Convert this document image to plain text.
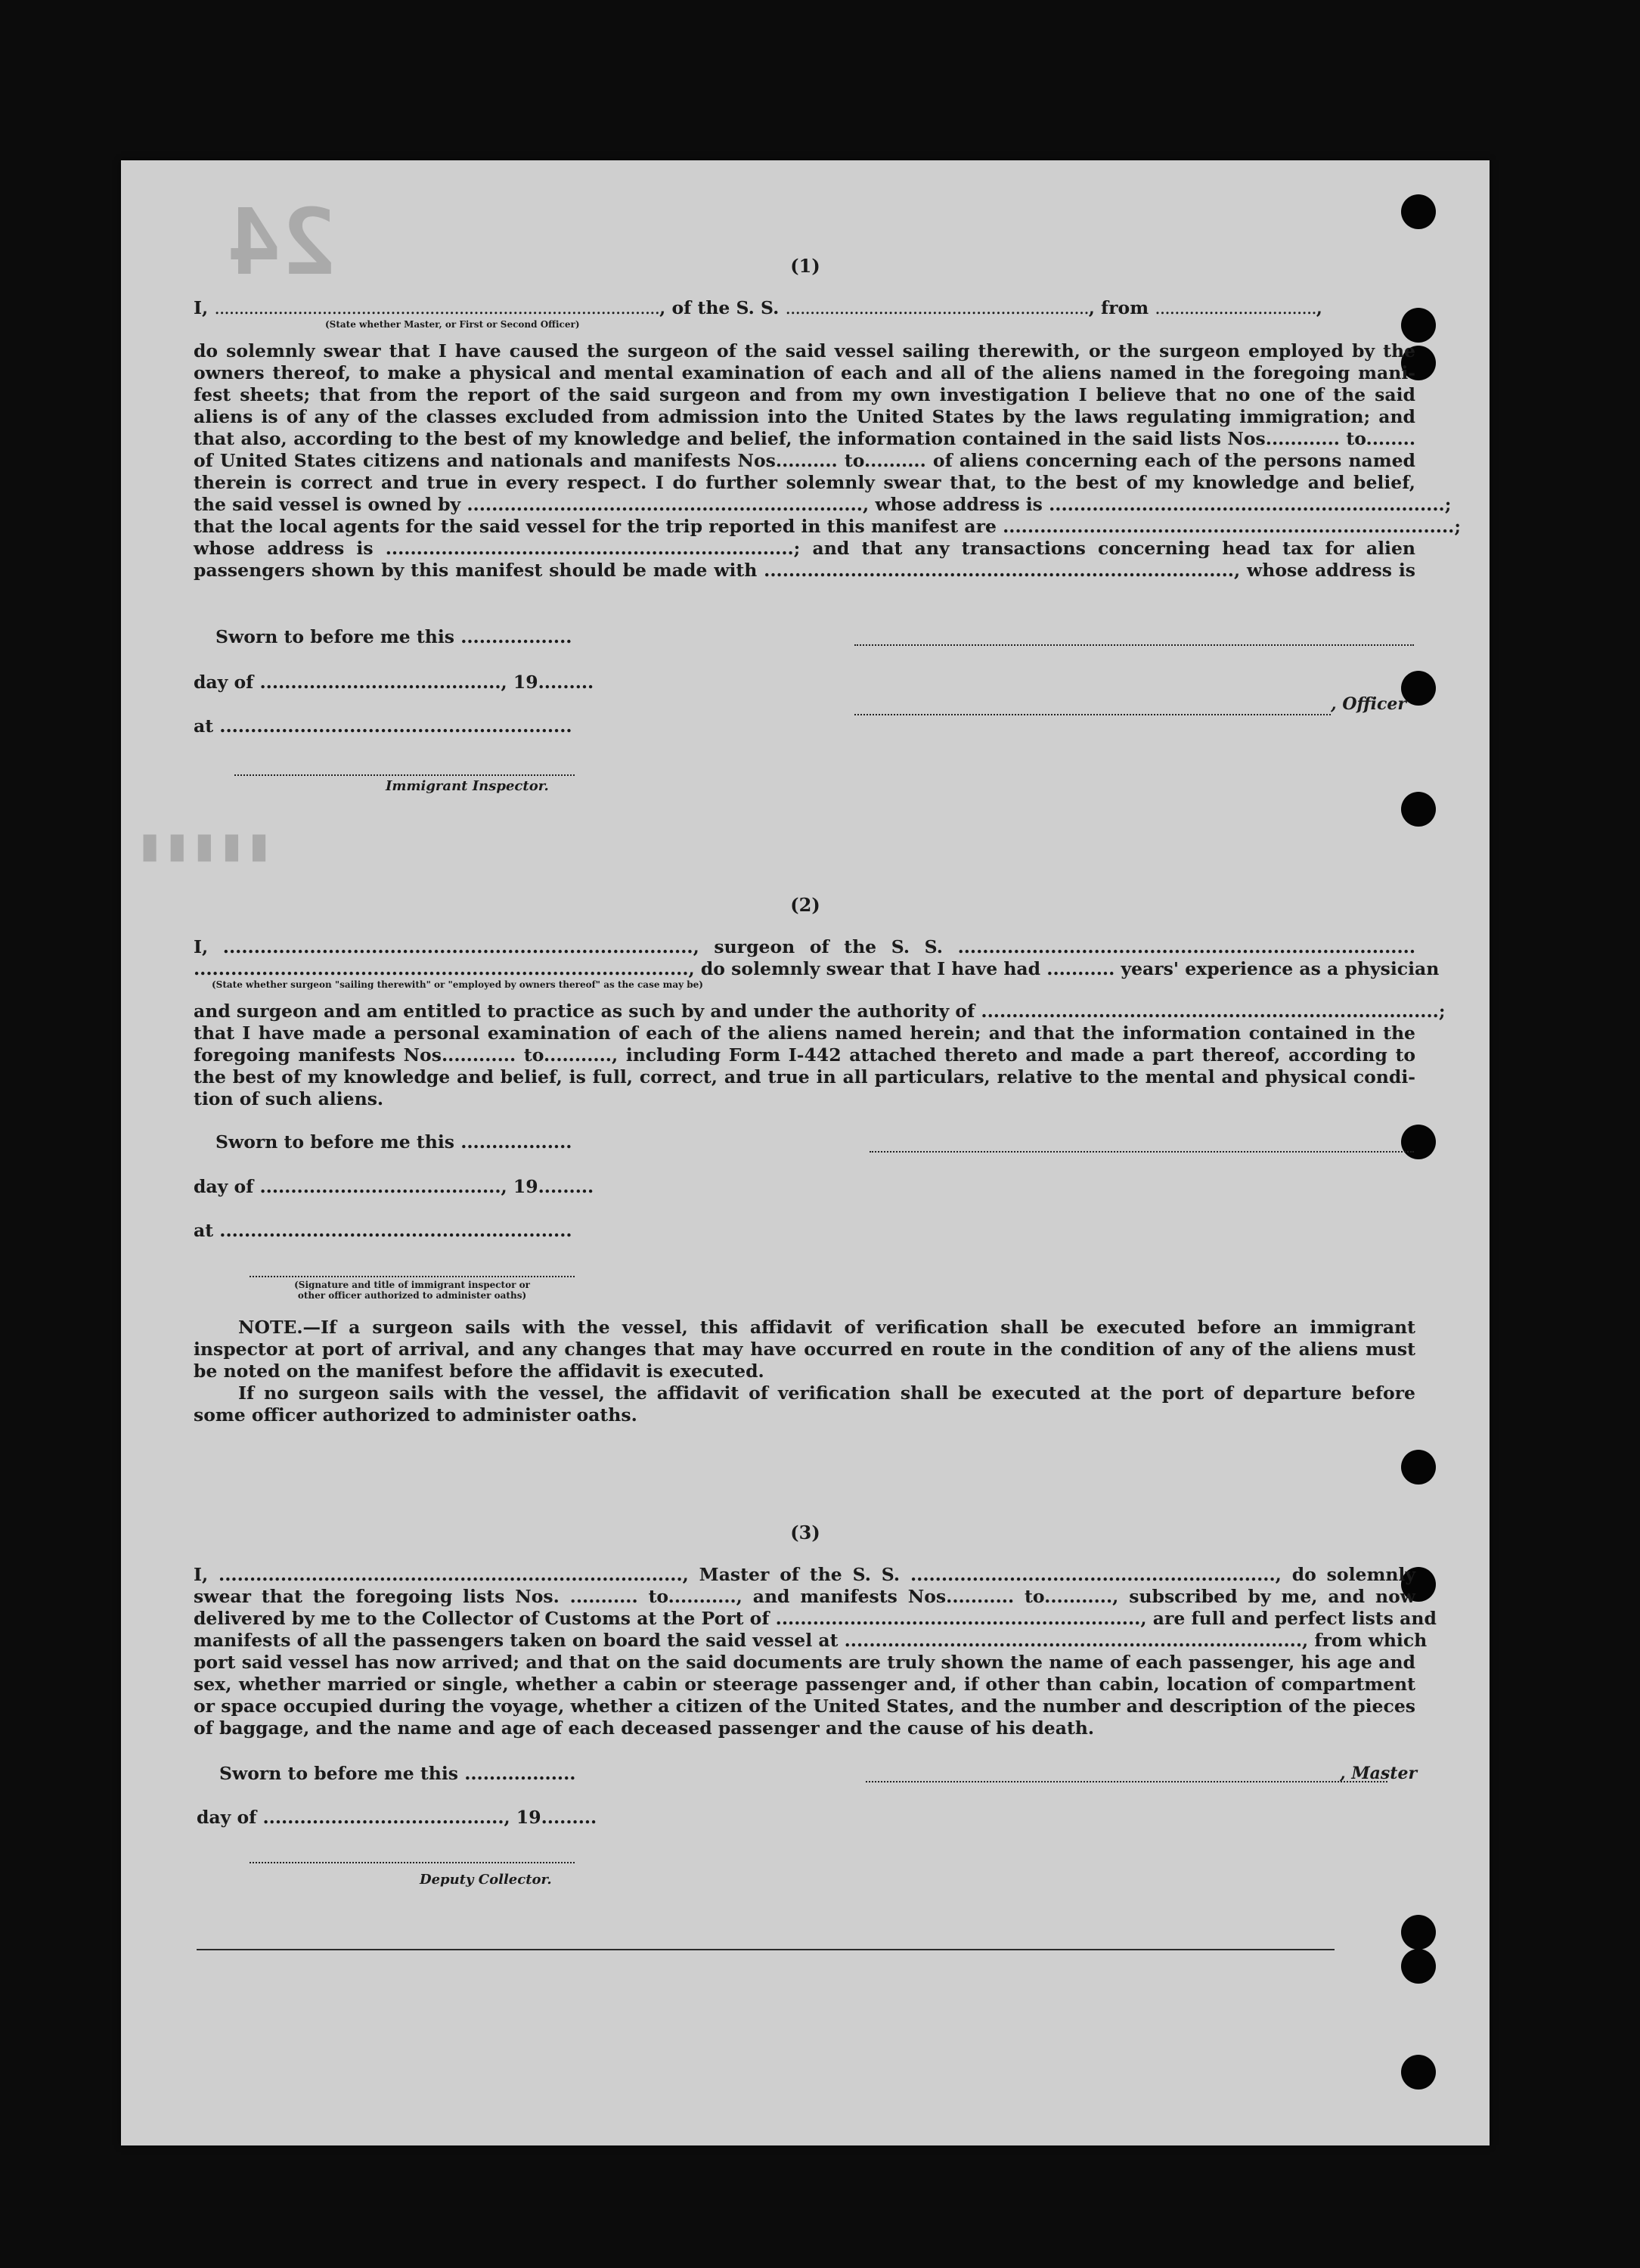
24
▮▮▮▮▮
(1)
I, ..........................................................................................., of the S. S. .............................................................., from .................................,
(State whether Master, or First or Second Officer)
do solemnly swear that I have caused the surgeon of the said vessel sailing therewith, or the surgeon employed by the
owners thereof, to make a physical and mental examination of each and all of the aliens named in the foregoing mani-
fest sheets; that from the report of the said surgeon and from my own investigation I believe that no one of the said
aliens is of any of the classes excluded from admission into the United States by the laws regulating immigration; and
that also, according to the best of my knowledge and belief, the information contained in the said lists Nos............ to........
of United States citizens and nationals and manifests Nos.......... to.......... of aliens concerning each of the persons named
therein is correct and true in every respect. I do further solemnly swear that, to the best of my knowledge and belief,
the said vessel is owned by ................................................................, whose address is ................................................................;
that the local agents for the said vessel for the trip reported in this manifest are .........................................................................;
whose address is ..................................................................; and that any transactions concerning head tax for alien
passengers shown by this manifest should be made with ............................................................................, whose address is
Sworn to before me this ..................
day of ......................................., 19.........
, Officer
at .........................................................
Immigrant Inspector.
(2)
I, ............................................................................, surgeon of the S. S. ..........................................................................
................................................................................, do solemnly swear that I have had ........... years' experience as a physician
(State whether surgeon "sailing therewith" or "employed by owners thereof" as the case may be)
and surgeon and am entitled to practice as such by and under the authority of ..........................................................................;
that I have made a personal examination of each of the aliens named herein; and that the information contained in the
foregoing manifests Nos............ to..........., including Form I-442 attached thereto and made a part thereof, according to
the best of my knowledge and belief, is full, correct, and true in all particulars, relative to the mental and physical condi-
tion of such aliens.
Sworn to before me this ..................
day of ......................................., 19.........
at .........................................................
(Signature and title of immigrant inspector or
other officer authorized to administer oaths)
NOTE.—If a surgeon sails with the vessel, this affidavit of verification shall be executed before an immigrant
inspector at port of arrival, and any changes that may have occurred en route in the condition of any of the aliens must
be noted on the manifest before the affidavit is executed.
If no surgeon sails with the vessel, the affidavit of verification shall be executed at the port of departure before
some officer authorized to administer oaths.
(3)
I, ..........................................................................., Master of the S. S. ..........................................................., do solemnly
swear that the foregoing lists Nos. ........... to..........., and manifests Nos........... to..........., subscribed by me, and now
delivered by me to the Collector of Customs at the Port of ..........................................................., are full and perfect lists and
manifests of all the passengers taken on board the said vessel at .........................................................................., from which
port said vessel has now arrived; and that on the said documents are truly shown the name of each passenger, his age and
sex, whether married or single, whether a cabin or steerage passenger and, if other than cabin, location of compartment
or space occupied during the voyage, whether a citizen of the United States, and the number and description of the pieces
of baggage, and the name and age of each deceased passenger and the cause of his death.
Sworn to before me this ..................	, Master
day of ......................................., 19.........
Deputy Collector.
